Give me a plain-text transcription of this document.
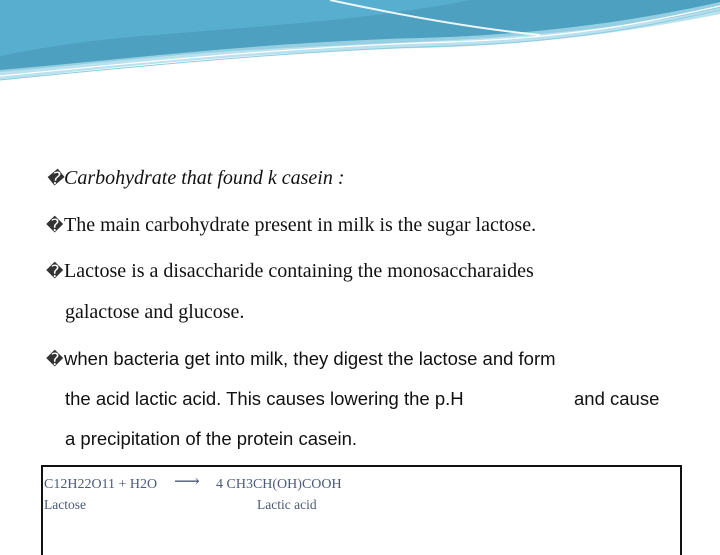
�Carbohydrate that found k casein :
�The main carbohydrate present in milk is the sugar lactose.
�Lactose is a disaccharide containing the monosaccharaides
galactose and glucose.
�when bacteria get into milk, they digest the lactose and form
the acid lactic acid. This causes lowering the p.H	and cause
a precipitation of the protein casein.
C12H22O11 + H2O ⟶ 4 CH3CH(OH)COOH
Lactose	Lactic acid
